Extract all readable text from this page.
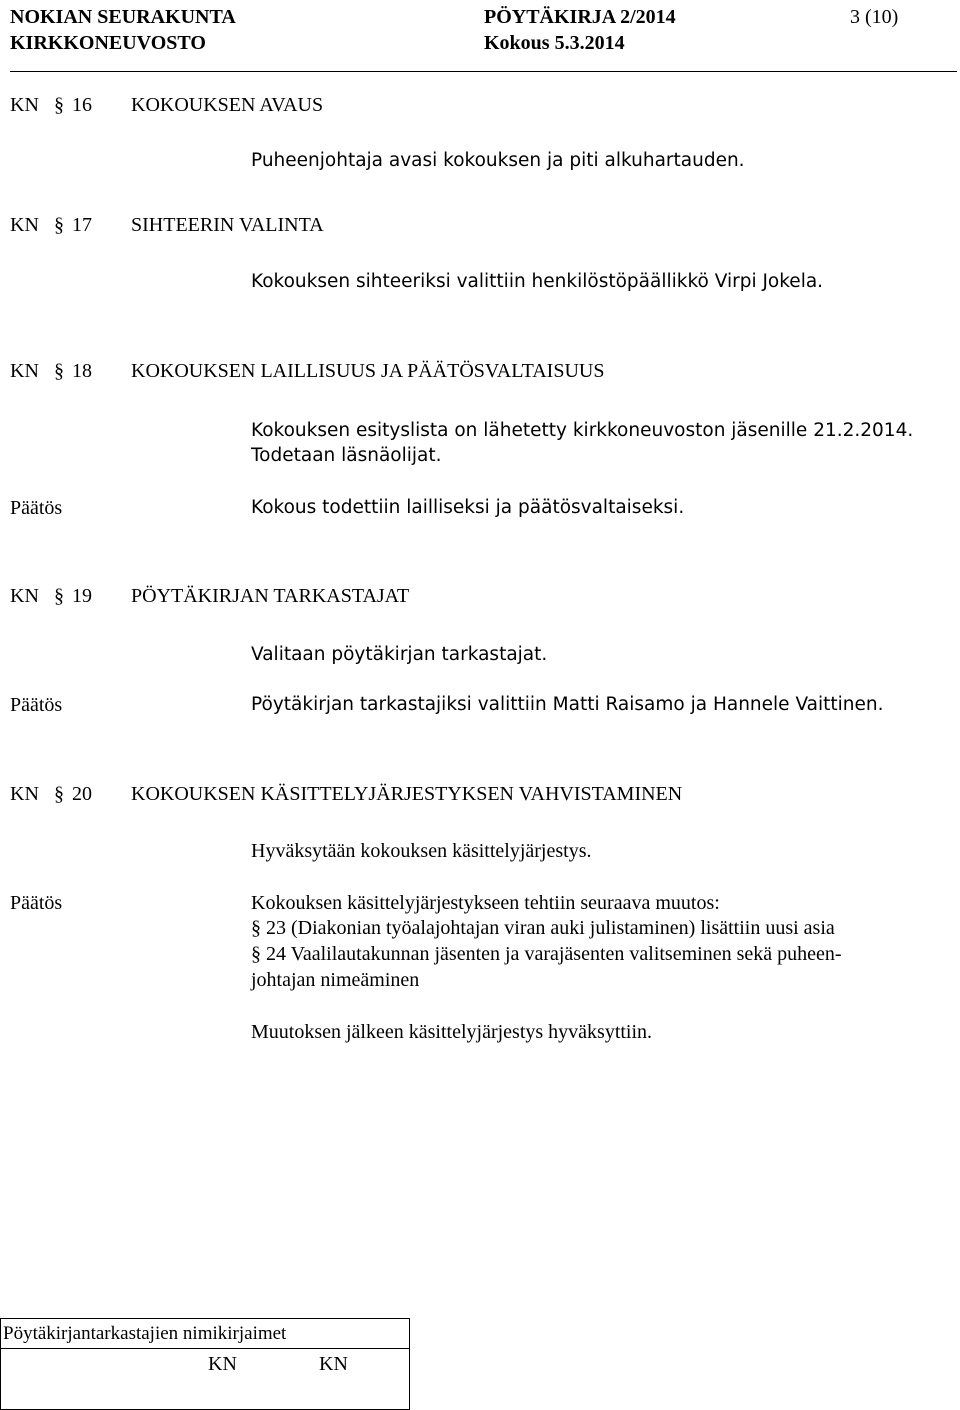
NOKIAN SEURAKUNTA	PÖYTÄKIRJA 2/2014	3 (10)
KIRKKONEUVOSTO	Kokous 5.3.2014
KN § 16 KOKOUKSEN AVAUS
Puheenjohtaja avasi kokouksen ja piti alkuhartauden.
KN § 17 SIHTEERIN VALINTA
Kokouksen sihteeriksi valittiin henkilöstöpäällikkö Virpi Jokela.
KN § 18 KOKOUKSEN LAILLISUUS JA PÄÄTÖSVALTAISUUS
Kokouksen esityslista on lähetetty kirkkoneuvoston jäsenille 21.2.2014.
Todetaan läsnäolijat.
Päätös	Kokous todettiin lailliseksi ja päätösvaltaiseksi.
KN § 19 PÖYTÄKIRJAN TARKASTAJAT
Valitaan pöytäkirjan tarkastajat.
Päätös	Pöytäkirjan tarkastajiksi valittiin Matti Raisamo ja Hannele Vaittinen.
KN § 20 KOKOUKSEN KÄSITTELYJÄRJESTYKSEN VAHVISTAMINEN
Hyväksytään kokouksen käsittelyjärjestys.
Päätös	Kokouksen käsittelyjärjestykseen tehtiin seuraava muutos:
§ 23 (Diakonian työalajohtajan viran auki julistaminen) lisättiin uusi asia
§ 24 Vaalilautakunnan jäsenten ja varajäsenten valitseminen sekä puheen-
johtajan nimeäminen
Muutoksen jälkeen käsittelyjärjestys hyväksyttiin.
Pöytäkirjantarkastajien nimikirjaimet

KN	KN
